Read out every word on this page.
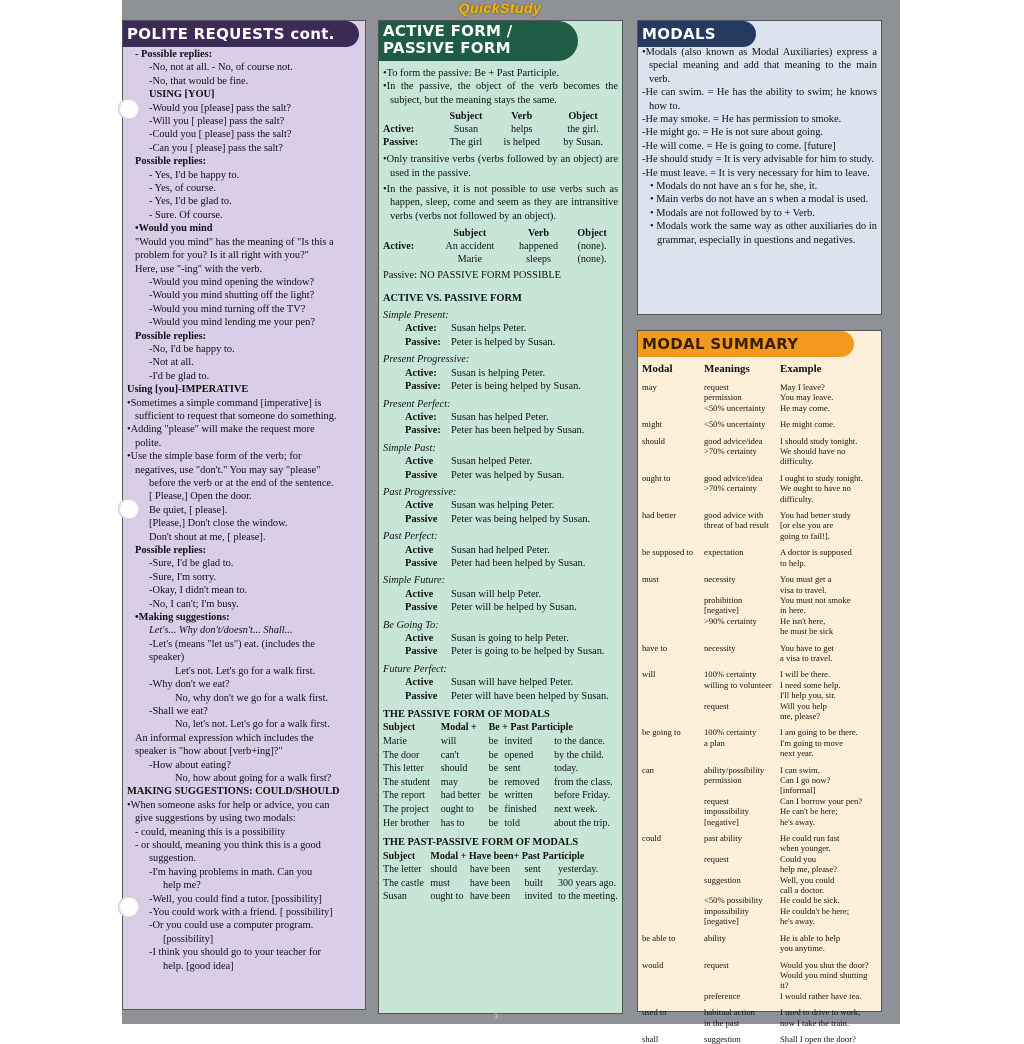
QuickStudy
POLITE REQUESTS cont.
- Possible replies:
-No, not at all. - No, of course not.
-No, that would be fine.
USING [YOU]
-Would you [please] pass the salt?
-Will you [ please] pass the salt?
-Could you [ please] pass the salt?
-Can you [ please] pass the salt?
Possible replies:
- Yes, I'd be happy to.
- Yes, of course.
- Yes, I'd be glad to.
- Sure. Of course.
•Would you mind
"Would you mind" has the meaning of "Is this a
problem for you? Is it all right with you?"
Here, use "-ing" with the verb.
-Would you mind opening the window?
-Would you mind shutting off the light?
-Would you mind turning off the TV?
-Would you mind lending me your pen?
Possible replies:
-No, I'd be happy to.
-Not at all.
-I'd be glad to.
Using [you]-IMPERATIVE
•Sometimes a simple command [imperative] is
sufficient to request that someone do something.
•Adding "please" will make the request more
polite.
•Use the simple base form of the verb; for
negatives, use "don't." You may say "please"
before the verb or at the end of the sentence.
[ Please,] Open the door.
Be quiet, [ please].
[Please,] Don't close the window.
Don't shout at me, [ please].
Possible replies:
-Sure, I'd be glad to.
-Sure, I'm sorry.
-Okay, I didn't mean to.
-No, I can't; I'm busy.
•Making suggestions:
Let's... Why don't/doesn't... Shall...
-Let's (means "let us") eat. (includes the
speaker)
Let's not. Let's go for a walk first.
-Why don't we eat?
No, why don't we go for a walk first.
-Shall we eat?
No, let's not. Let's go for a walk first.
An informal expression which includes the
speaker is "how about [verb+ing]?"
-How about eating?
No, how about going for a walk first?
MAKING SUGGESTIONS: COULD/SHOULD
•When someone asks for help or advice, you can
give suggestions by using two modals:
- could, meaning this is a possibility
- or should, meaning you think this is a good
suggestion.
-I'm having problems in math. Can you
help me?
-Well, you could find a tutor. [possibility]
-You could work with a friend. [ possibility]
-Or you could use a computer program.
[possibility]
-I think you should go to your teacher for
help. [good idea]
ACTIVE FORM /
PASSIVE FORM
•To form the passive: Be + Past Participle.
•In the passive, the object of the verb becomes the subject, but the meaning stays the same.
	Subject	Verb	Object
Active:	Susan	helps	the girl.
Passive:	The girl	is helped	by Susan.
•Only transitive verbs (verbs followed by an object) are used in the passive.
•In the passive, it is not possible to use verbs such as happen, sleep, come and seem as they are intransitive verbs (verbs not followed by an object).
	Subject	Verb	Object
Active:	An accident	happened	(none).
	Marie	sleeps	(none).
Passive: NO PASSIVE FORM POSSIBLE
ACTIVE VS. PASSIVE FORM
Simple Present:
Active: Susan helps Peter.
Passive: Peter is helped by Susan.
Present Progressive:
Active: Susan is helping Peter.
Passive: Peter is being helped by Susan.
Present Perfect:
Active: Susan has helped Peter.
Passive: Peter has been helped by Susan.
Simple Past:
Active Susan helped Peter.
Passive Peter was helped by Susan.
Past Progressive:
Active Susan was helping Peter.
Passive Peter was being helped by Susan.
Past Perfect:
Active Susan had helped Peter.
Passive Peter had been helped by Susan.
Simple Future:
Active Susan will help Peter.
Passive Peter will be helped by Susan.
Be Going To:
Active Susan is going to help Peter.
Passive Peter is going to be helped by Susan.
Future Perfect:
Active Susan will have helped Peter.
Passive Peter will have been helped by Susan.
THE PASSIVE FORM OF MODALS
Subject	Modal +	Be + Past Participle		
Marie	will	be	invited	to the dance.
The door	can't	be	opened	by the child.
This letter	should	be	sent	today.
The student	may	be	removed	from the class.
The report	had better	be	written	before Friday.
The project	ought to	be	finished	next week.
Her brother	has to	be	told	about the trip.
THE PAST-PASSIVE FORM OF MODALS
Subject	Modal + Have been+ Past Participle			
The letter	should	have been	sent	yesterday.
The castle	must	have been	built	300 years ago.
Susan	ought to	have been	invited	to the meeting.
MODALS
•Modals (also known as Modal Auxiliaries) express a special meaning and add that meaning to the main verb.
-He can swim. = He has the ability to swim; he knows how to.
-He may smoke. = He has permission to smoke.
-He might go. = He is not sure about going.
-He will come. = He is going to come. [future]
-He should study = It is very advisable for him to study.
-He must leave. = It is very necessary for him to leave.
• Modals do not have an s for he, she, it.
• Main verbs do not have an s when a modal is used.
• Modals are not followed by to + Verb.
• Modals work the same way as other auxiliaries do in grammar, especially in questions and negatives.
MODAL SUMMARY
Modal	Meanings	Example
may	request	May I leave?
	permission	You may leave.
	<50% uncertainty	He may come.
might	<50% uncertainty	He might come.
should	good advice/idea	I should study tonight.
	>70% certainty	We should have no
		difficulty.
ought to	good advice/idea	I ought to study tonight.
	>70% certainty	We ought to have no
		difficulty.
had better	good advice with	You had better study
	threat of bad result	[or else you are
		going to fail!].
be supposed to	expectation	A doctor is supposed
		to help.
must	necessity	You must get a
		visa to travel.
	prohibition	You must not smoke
	[negative]	in here.
	>90% certainty	He isn't here,
		he must be sick
have to	necessity	You have to get
		a visa to travel.
will	100% certainty	I will be there.
	willing to volunteer	I need some help.
		I'll help you, sir.
	request	Will you help
		me, please?
be going to	100% certainty	I am going to be there.
	a plan	I'm going to move
		next year.
can	ability/possibility	I can swim.
	permission	Can I go now?
		[informal]
	request	Can I borrow your pen?
	impossibility	He can't be here;
	[negative]	he's away.
could	past ability	He could run fast
		when younger.
	request	Could you
		help me, please?
	suggestion	Well, you could
		call a doctor.
	<50% possibility	He could be sick.
	impossibility	He couldn't be here;
	[negative]	he's away.
be able to	ability	He is able to help
		you anytime.
would	request	Would you shut the door?
		Would you mind shutting it?
	preference	I would rather have tea.
used to	habitual action	I used to drive to work;
	in the past	now I take the train.
shall	suggestion	Shall I open the door?
3
